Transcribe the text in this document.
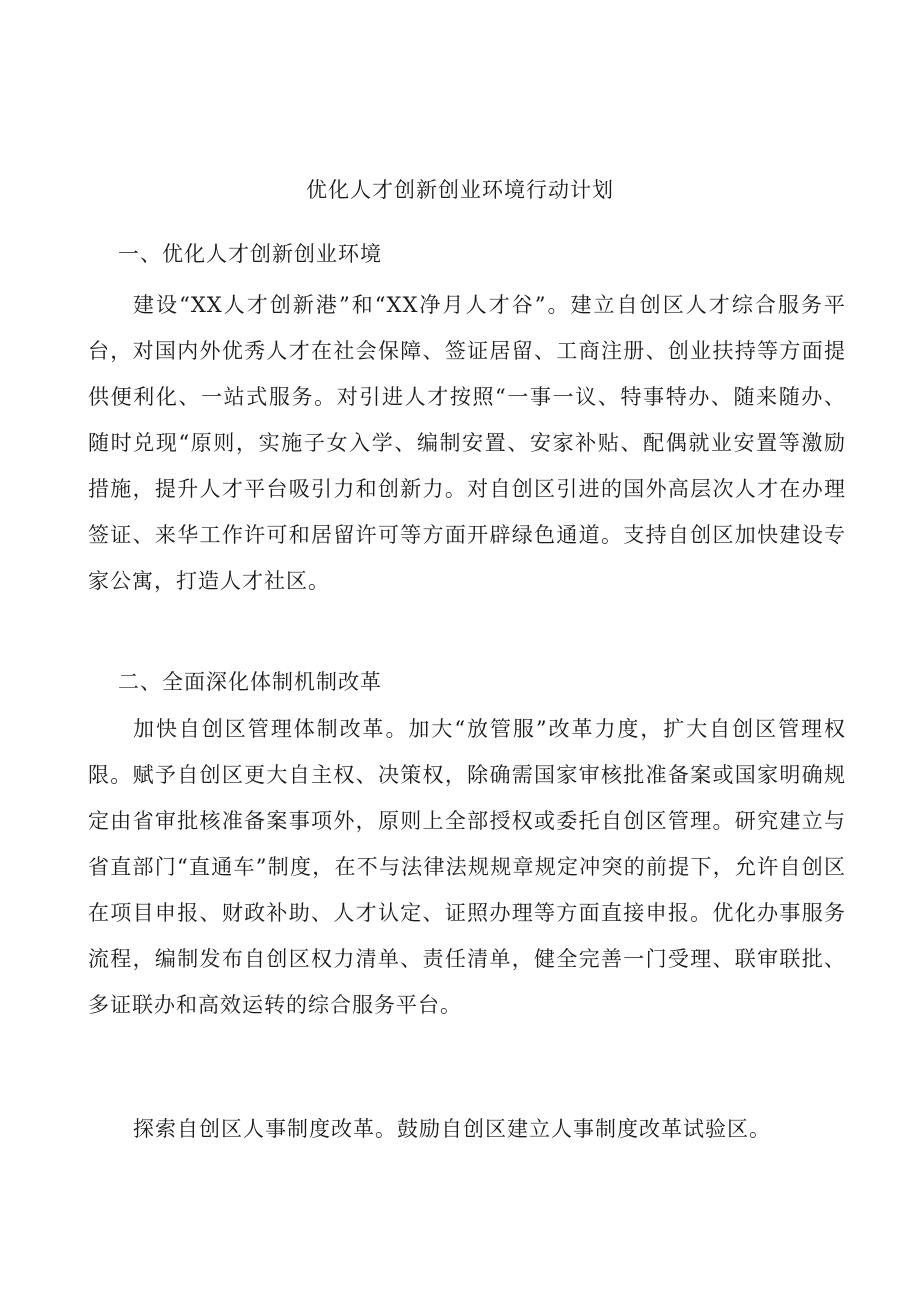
优化人才创新创业环境行动计划
一、优化人才创新创业环境

建设“XX人才创新港”和“XX净月人才谷”。建立自创区人才综合服务平台，对国内外优秀人才在社会保障、签证居留、工商注册、创业扶持等方面提供便利化、一站式服务。对引进人才按照“一事一议、特事特办、随来随办、随时兑现“原则，实施子女入学、编制安置、安家补贴、配偶就业安置等激励措施，提升人才平台吸引力和创新力。对自创区引进的国外高层次人才在办理签证、来华工作许可和居留许可等方面开辟绿色通道。支持自创区加快建设专家公寓，打造人才社区。

二、全面深化体制机制改革

加快自创区管理体制改革。加大“放管服”改革力度，扩大自创区管理权限。赋予自创区更大自主权、决策权，除确需国家审核批准备案或国家明确规定由省审批核准备案事项外，原则上全部授权或委托自创区管理。研究建立与省直部门“直通车”制度，在不与法律法规规章规定冲突的前提下，允许自创区在项目申报、财政补助、人才认定、证照办理等方面直接申报。优化办事服务流程，编制发布自创区权力清单、责任清单，健全完善一门受理、联审联批、多证联办和高效运转的综合服务平台。

探索自创区人事制度改革。鼓励自创区建立人事制度改革试验区。
